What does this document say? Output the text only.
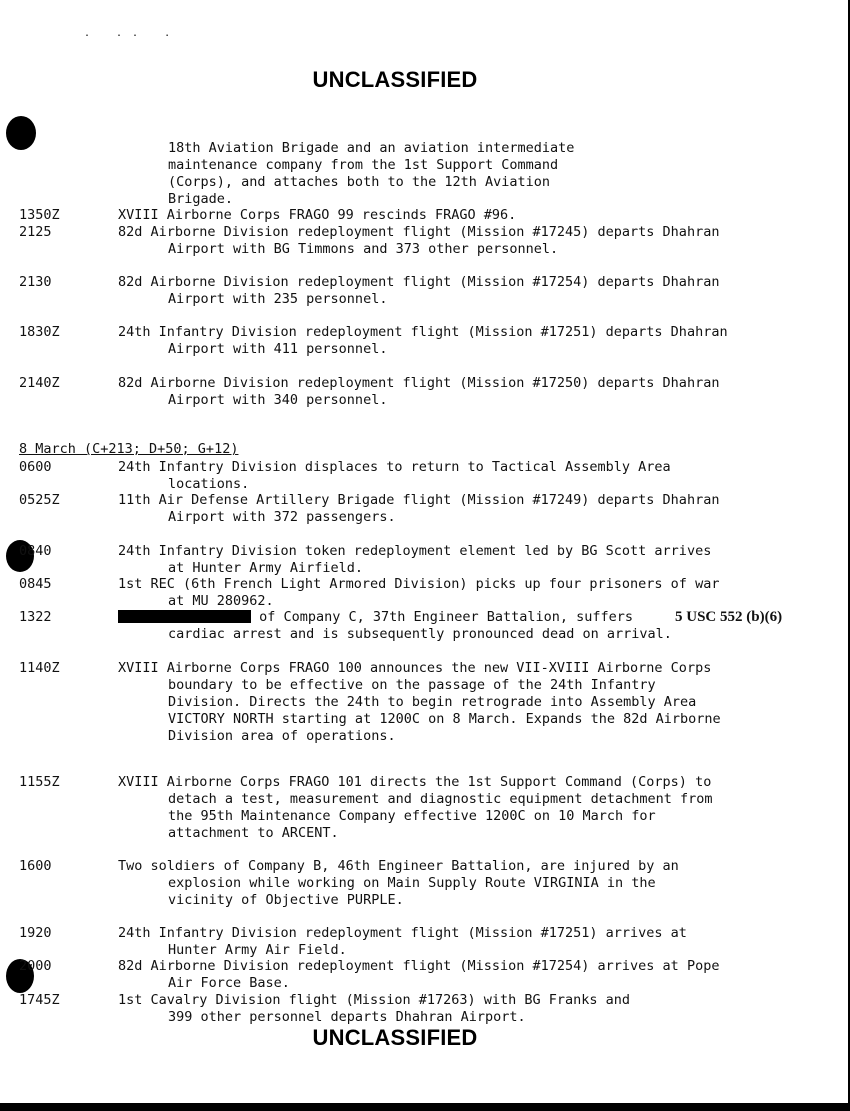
. .. .
UNCLASSIFIED
18th Aviation Brigade and an aviation intermediate
maintenance company from the 1st Support Command
(Corps), and attaches both to the 12th Aviation
Brigade.
1350Z	XVIII Airborne Corps FRAGO 99 rescinds FRAGO #96.
2125	82d Airborne Division redeployment flight (Mission #17245) departs Dhahran Airport with BG Timmons and 373 other personnel.
2130	82d Airborne Division redeployment flight (Mission #17254) departs Dhahran Airport with 235 personnel.
1830Z	24th Infantry Division redeployment flight (Mission #17251) departs Dhahran Airport with 411 personnel.
2140Z	82d Airborne Division redeployment flight (Mission #17250) departs Dhahran Airport with 340 personnel.
8 March (C+213; D+50; G+12)
0600	24th Infantry Division displaces to return to Tactical Assembly Area locations.
0525Z	11th Air Defense Artillery Brigade flight (Mission #17249) departs Dhahran Airport with 372 passengers.
0840	24th Infantry Division token redeployment element led by BG Scott arrives at Hunter Army Airfield.
0845	1st REC (6th French Light Armored Division) picks up four prisoners of war at MU 280962.
1322	of Company C, 37th Engineer Battalion, suffers cardiac arrest and is subsequently pronounced dead on arrival.
5 USC 552 (b)(6)
1140Z	XVIII Airborne Corps FRAGO 100 announces the new VII-XVIII Airborne Corps boundary to be effective on the passage of the 24th Infantry Division. Directs the 24th to begin retrograde into Assembly Area VICTORY NORTH starting at 1200C on 8 March. Expands the 82d Airborne Division area of operations.
1155Z	XVIII Airborne Corps FRAGO 101 directs the 1st Support Command (Corps) to detach a test, measurement and diagnostic equipment detachment from the 95th Maintenance Company effective 1200C on 10 March for attachment to ARCENT.
1600	Two soldiers of Company B, 46th Engineer Battalion, are injured by an explosion while working on Main Supply Route VIRGINIA in the vicinity of Objective PURPLE.
1920	24th Infantry Division redeployment flight (Mission #17251) arrives at Hunter Army Air Field.
2000	82d Airborne Division redeployment flight (Mission #17254) arrives at Pope Air Force Base.
1745Z	1st Cavalry Division flight (Mission #17263) with BG Franks and 399 other personnel departs Dhahran Airport.
UNCLASSIFIED
